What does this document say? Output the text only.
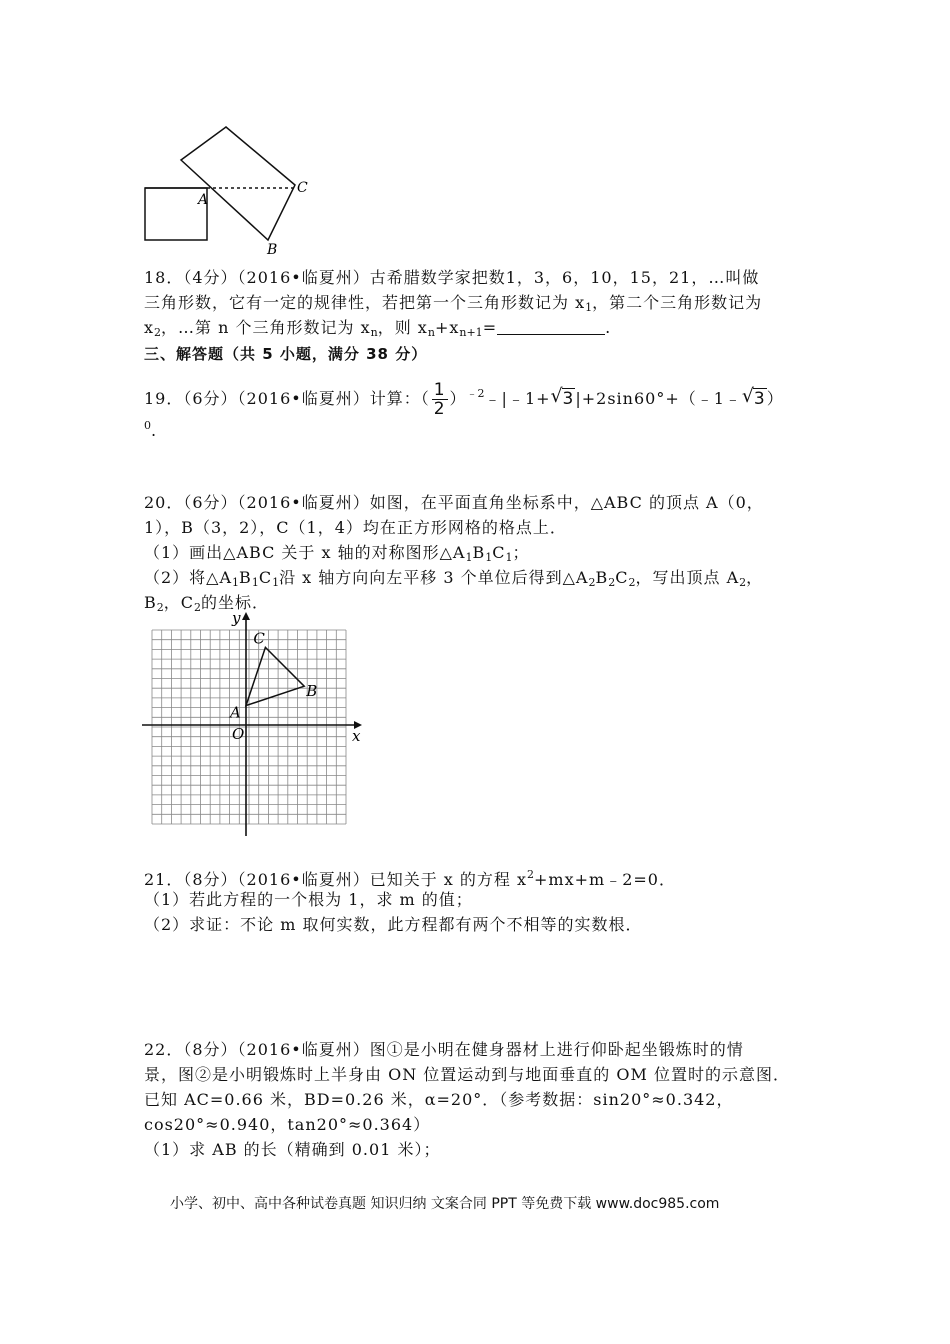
A
C
B
18．（4分）（2016•临夏州）古希腊数学家把数1，3，6，10，15，21，…叫做
三角形数，它有一定的规律性，若把第一个三角形数记为 $x_1$，第二个三角形数记为
$x_2$，…第 n 个三角形数记为 $x_n$，则 $x_n+x_{n+1}=$	.
三、解答题（共 5 小题，满分 38 分）
19．（6分）（2016•临夏州）计算：（ $\frac{1}{2}$ ）$^{﹣2}$﹣|﹣1+ √
3|+2sin60°+（﹣1﹣ √
3）
$^0$.
20．（6分）（2016•临夏州）如图，在平面直角坐标系中，△ABC 的顶点 A（0，
1），B（3，2），C（1，4）均在正方形网格的格点上．
（1）画出△ABC 关于 x 轴的对称图形$\triangle A_1B_1C_1$；
（2）将$\triangle A_1B_1C_1$沿 x 轴方向向左平移 3 个单位后得到$\triangle A_2B_2C_2$，写出顶点 $A_2$，
$B_2$，$C_2$的坐标．
y
x
O
A
B
C
21．（8分）（2016•临夏州）已知关于 x 的方程 $x^2+mx+m﹣2=0$．
（1）若此方程的一个根为 1，求 m 的值；
（2）求证：不论 m 取何实数，此方程都有两个不相等的实数根．
22．（8分）（2016•临夏州）图①是小明在健身器材上进行仰卧起坐锻炼时的情
景，图②是小明锻炼时上半身由 ON 位置运动到与地面垂直的 OM 位置时的示意图．
已知 AC=0.66 米，BD=0.26 米，α=20°．（参考数据：sin20°≈0.342，
cos20°≈0.940，tan20°≈0.364）
（1）求 AB 的长（精确到 0.01 米）；
小学、初中、高中各种试卷真题 知识归纳 文案合同 PPT 等免费下载 www.doc985.com
